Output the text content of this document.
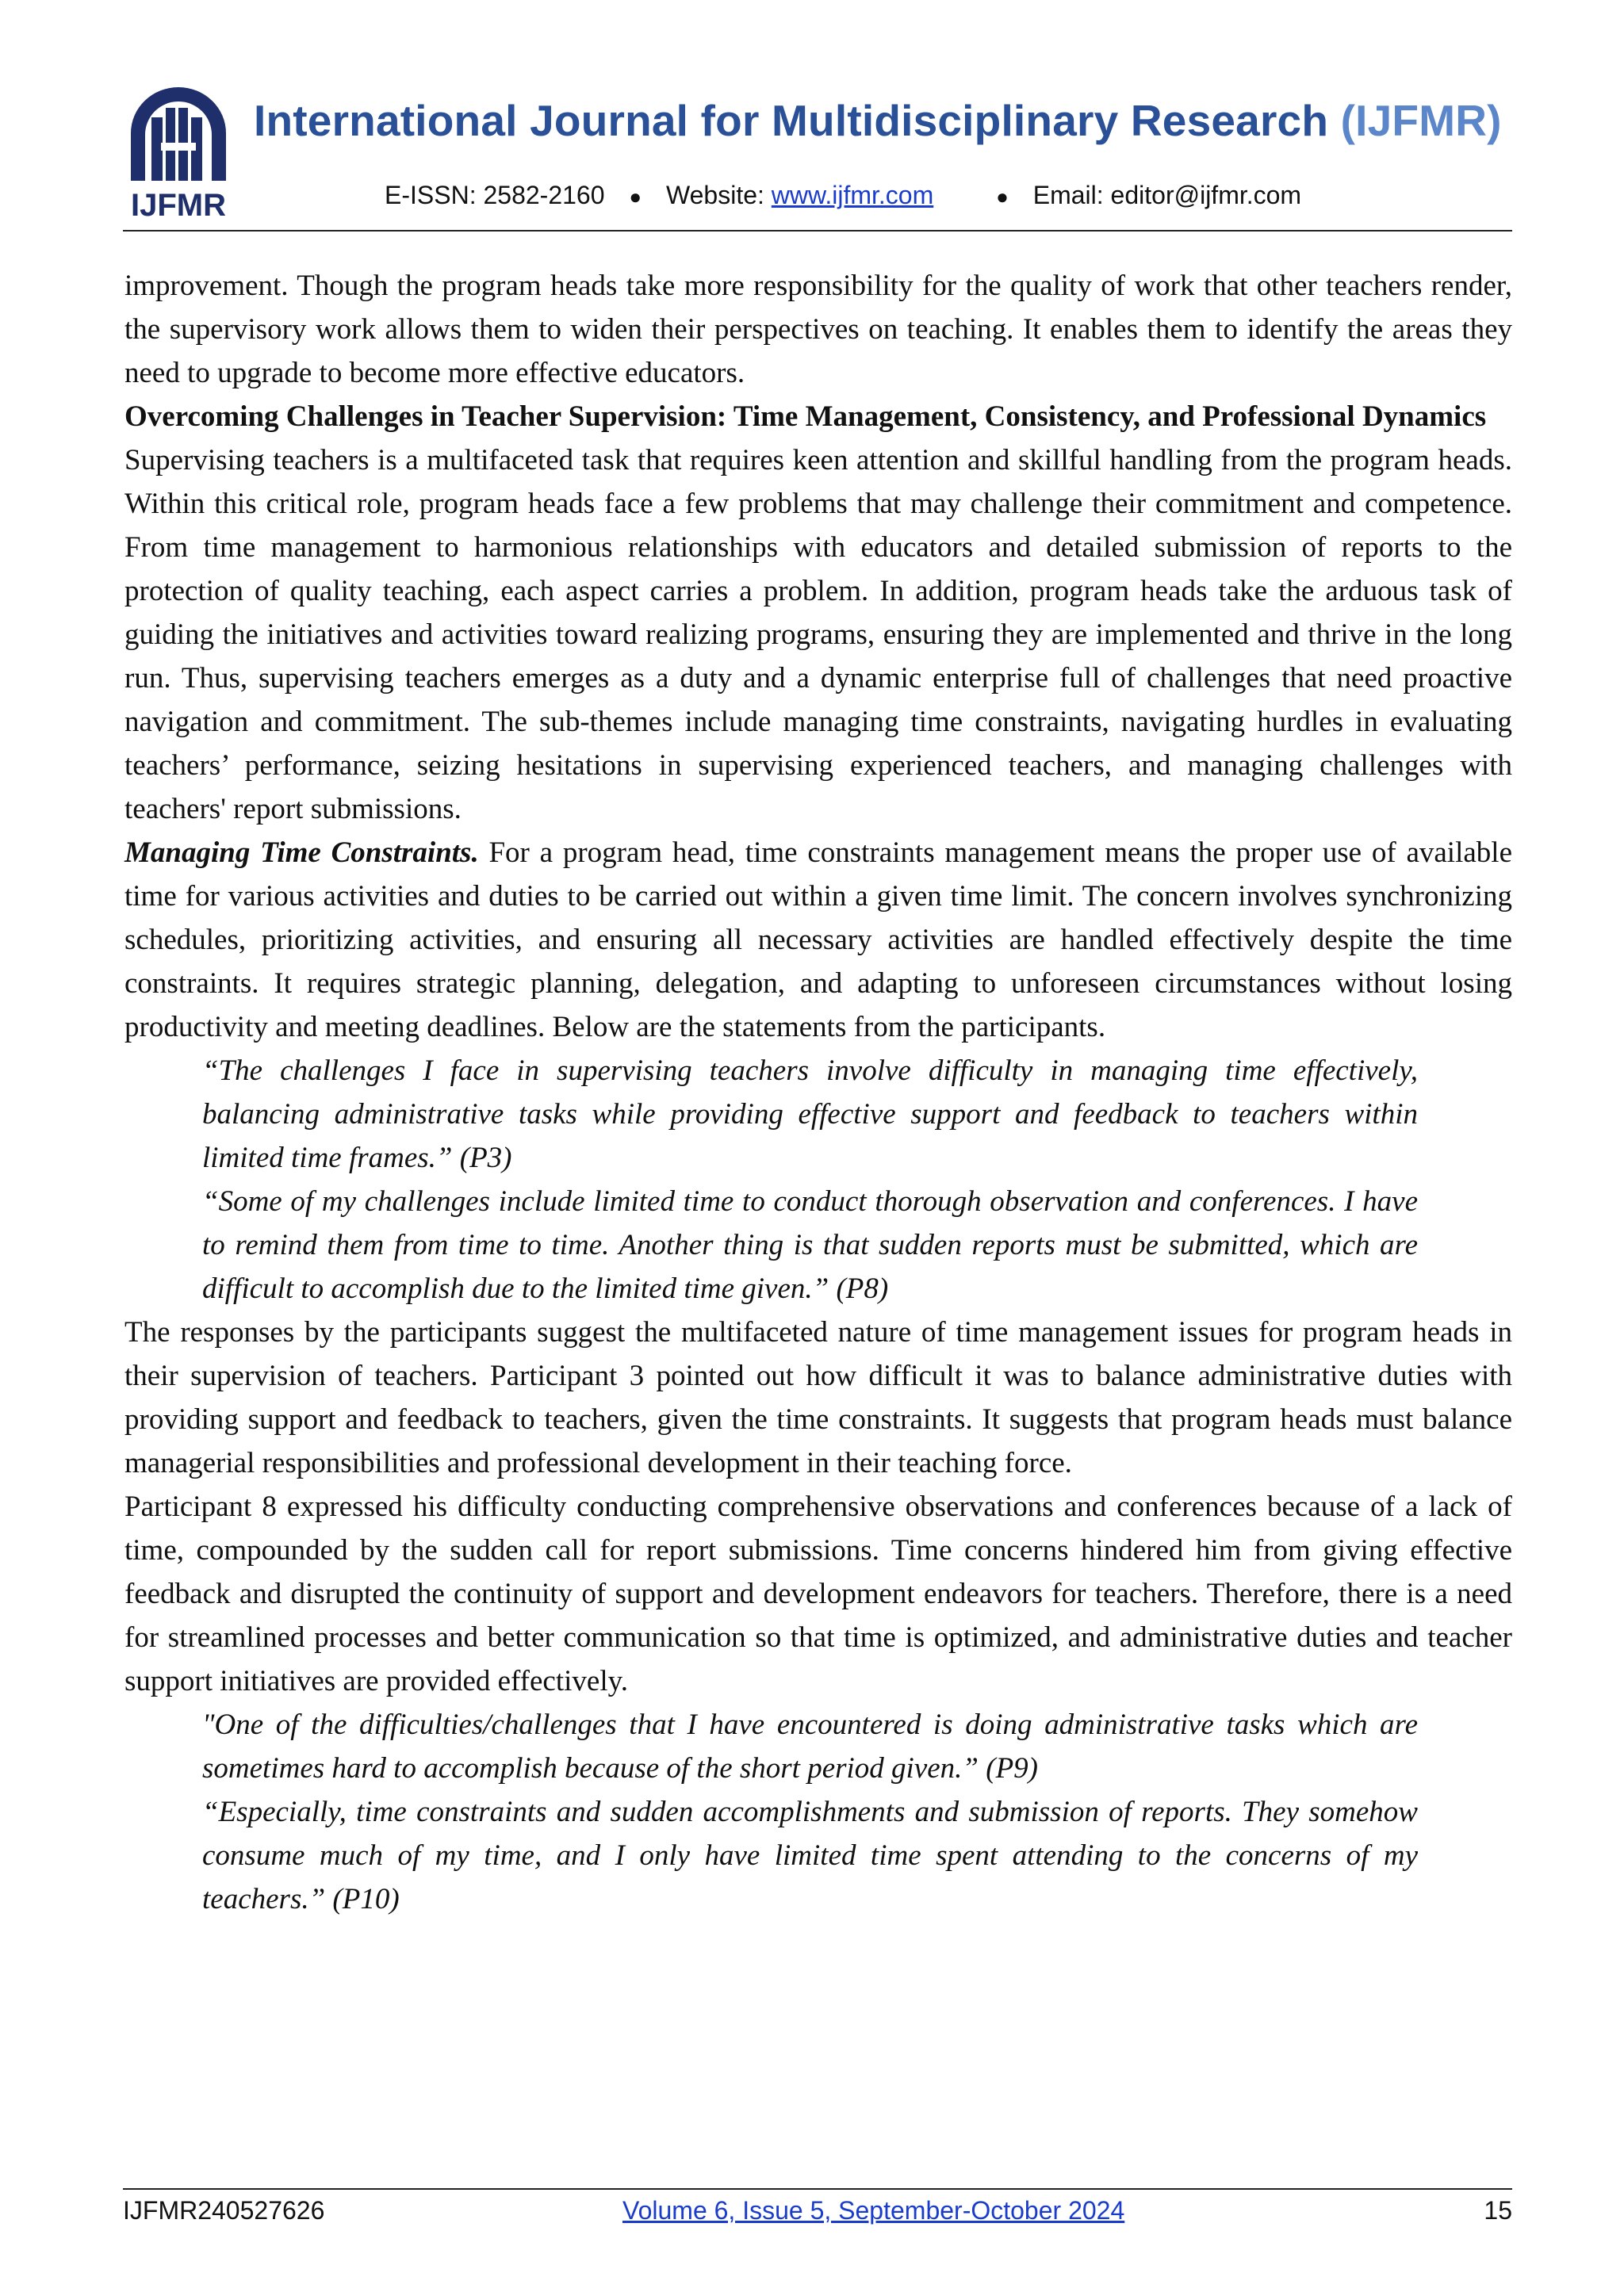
IJFMR
International Journal for Multidisciplinary Research (IJFMR)
E-ISSN: 2582-2160 ● Website: www.ijfmr.com	● Email: editor@ijfmr.com

improvement. Though the program heads take more responsibility for the quality of work that other teachers render, the supervisory work allows them to widen their perspectives on teaching. It enables them to identify the areas they need to upgrade to become more effective educators.

Overcoming Challenges in Teacher Supervision: Time Management, Consistency, and Professional Dynamics

Supervising teachers is a multifaceted task that requires keen attention and skillful handling from the program heads. Within this critical role, program heads face a few problems that may challenge their commitment and competence. From time management to harmonious relationships with educators and detailed submission of reports to the protection of quality teaching, each aspect carries a problem. In addition, program heads take the arduous task of guiding the initiatives and activities toward realizing programs, ensuring they are implemented and thrive in the long run. Thus, supervising teachers emerges as a duty and a dynamic enterprise full of challenges that need proactive navigation and commitment. The sub-themes include managing time constraints, navigating hurdles in evaluating teachers’ performance, seizing hesitations in supervising experienced teachers, and managing challenges with teachers' report submissions.

Managing Time Constraints. For a program head, time constraints management means the proper use of available time for various activities and duties to be carried out within a given time limit. The concern involves synchronizing schedules, prioritizing activities, and ensuring all necessary activities are handled effectively despite the time constraints. It requires strategic planning, delegation, and adapting to unforeseen circumstances without losing productivity and meeting deadlines. Below are the statements from the participants.

“The challenges I face in supervising teachers involve difficulty in managing time effectively, balancing administrative tasks while providing effective support and feedback to teachers within limited time frames.” (P3)

“Some of my challenges include limited time to conduct thorough observation and conferences. I have to remind them from time to time. Another thing is that sudden reports must be submitted, which are difficult to accomplish due to the limited time given.” (P8)

The responses by the participants suggest the multifaceted nature of time management issues for program heads in their supervision of teachers. Participant 3 pointed out how difficult it was to balance administrative duties with providing support and feedback to teachers, given the time constraints. It suggests that program heads must balance managerial responsibilities and professional development in their teaching force.

Participant 8 expressed his difficulty conducting comprehensive observations and conferences because of a lack of time, compounded by the sudden call for report submissions. Time concerns hindered him from giving effective feedback and disrupted the continuity of support and development endeavors for teachers. Therefore, there is a need for streamlined processes and better communication so that time is optimized, and administrative duties and teacher support initiatives are provided effectively.

"One of the difficulties/challenges that I have encountered is doing administrative tasks which are sometimes hard to accomplish because of the short period given.” (P9)

“Especially, time constraints and sudden accomplishments and submission of reports. They somehow consume much of my time, and I only have limited time spent attending to the concerns of my teachers.” (P10)

IJFMR240527626	Volume 6, Issue 5, September-October 2024	15
